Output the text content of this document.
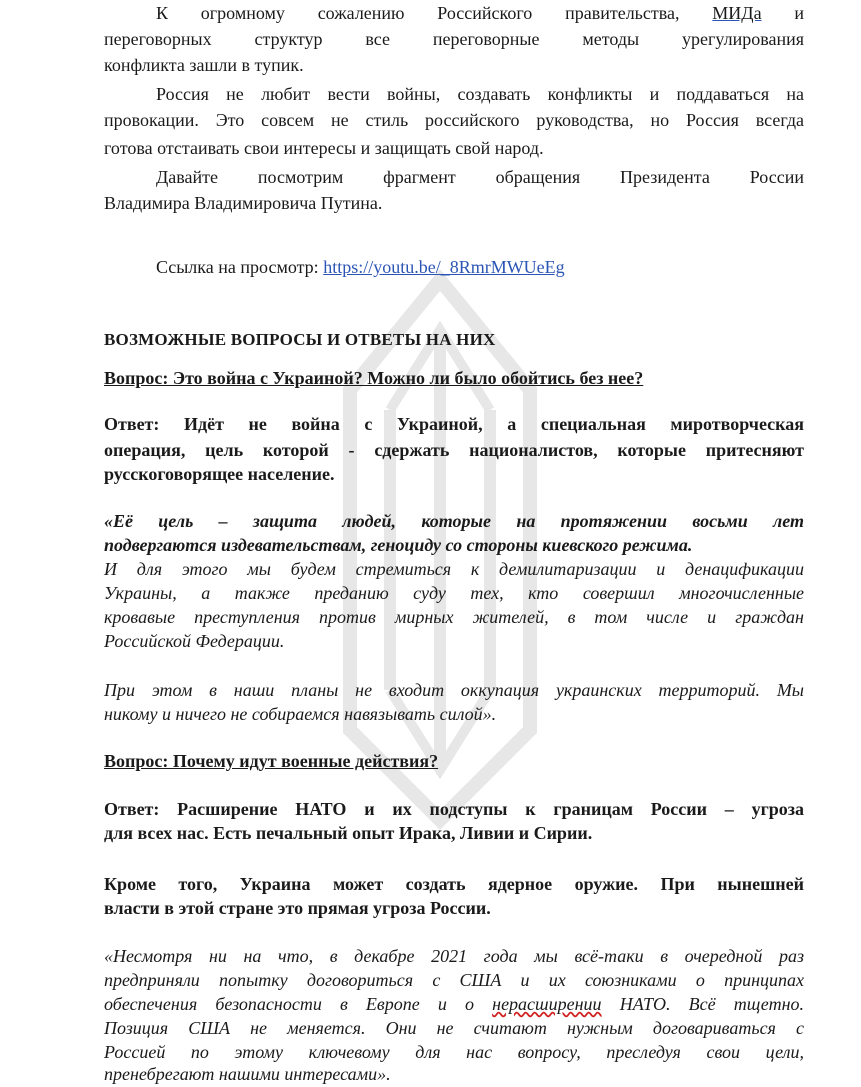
К огромному сожалению Российского правительства, МИДа и

переговорных структур все переговорные методы урегулирования

конфликта зашли в тупик.

Россия не любит вести войны, создавать конфликты и поддаваться на

провокации. Это совсем не стиль российского руководства, но Россия всегда

готова отстаивать свои интересы и защищать свой народ.

Давайте посмотрим фрагмент обращения Президента России

Владимира Владимировича Путина.

Ссылка на просмотр: https://youtu.be/_8RmrMWUeEg

ВОЗМОЖНЫЕ ВОПРОСЫ И ОТВЕТЫ НА НИХ

Вопрос: Это война с Украиной? Можно ли было обойтись без нее?

Ответ: Идёт не война с Украиной, а специальная миротворческая

операция, цель которой - сдержать националистов, которые притесняют

русскоговорящее население.

«Её цель – защита людей, которые на протяжении восьми лет

подвергаются издевательствам, геноциду со стороны киевского режима.

И для этого мы будем стремиться к демилитаризации и денацификации

Украины, а также преданию суду тех, кто совершил многочисленные

кровавые преступления против мирных жителей, в том числе и граждан

Российской Федерации.

При этом в наши планы не входит оккупация украинских территорий. Мы

никому и ничего не собираемся навязывать силой».

Вопрос: Почему идут военные действия?

Ответ: Расширение НАТО и их подступы к границам России – угроза

для всех нас. Есть печальный опыт Ирака, Ливии и Сирии.

Кроме того, Украина может создать ядерное оружие. При нынешней

власти в этой стране это прямая угроза России.

«Несмотря ни на что, в декабре 2021 года мы всё-таки в очередной раз

предприняли попытку договориться с США и их союзниками о принципах

обеспечения безопасности в Европе и о нерасширении НАТО. Всё тщетно.

Позиция США не меняется. Они не считают нужным договариваться с

Россией по этому ключевому для нас вопросу, преследуя свои цели,

пренебрегают нашими интересами».
